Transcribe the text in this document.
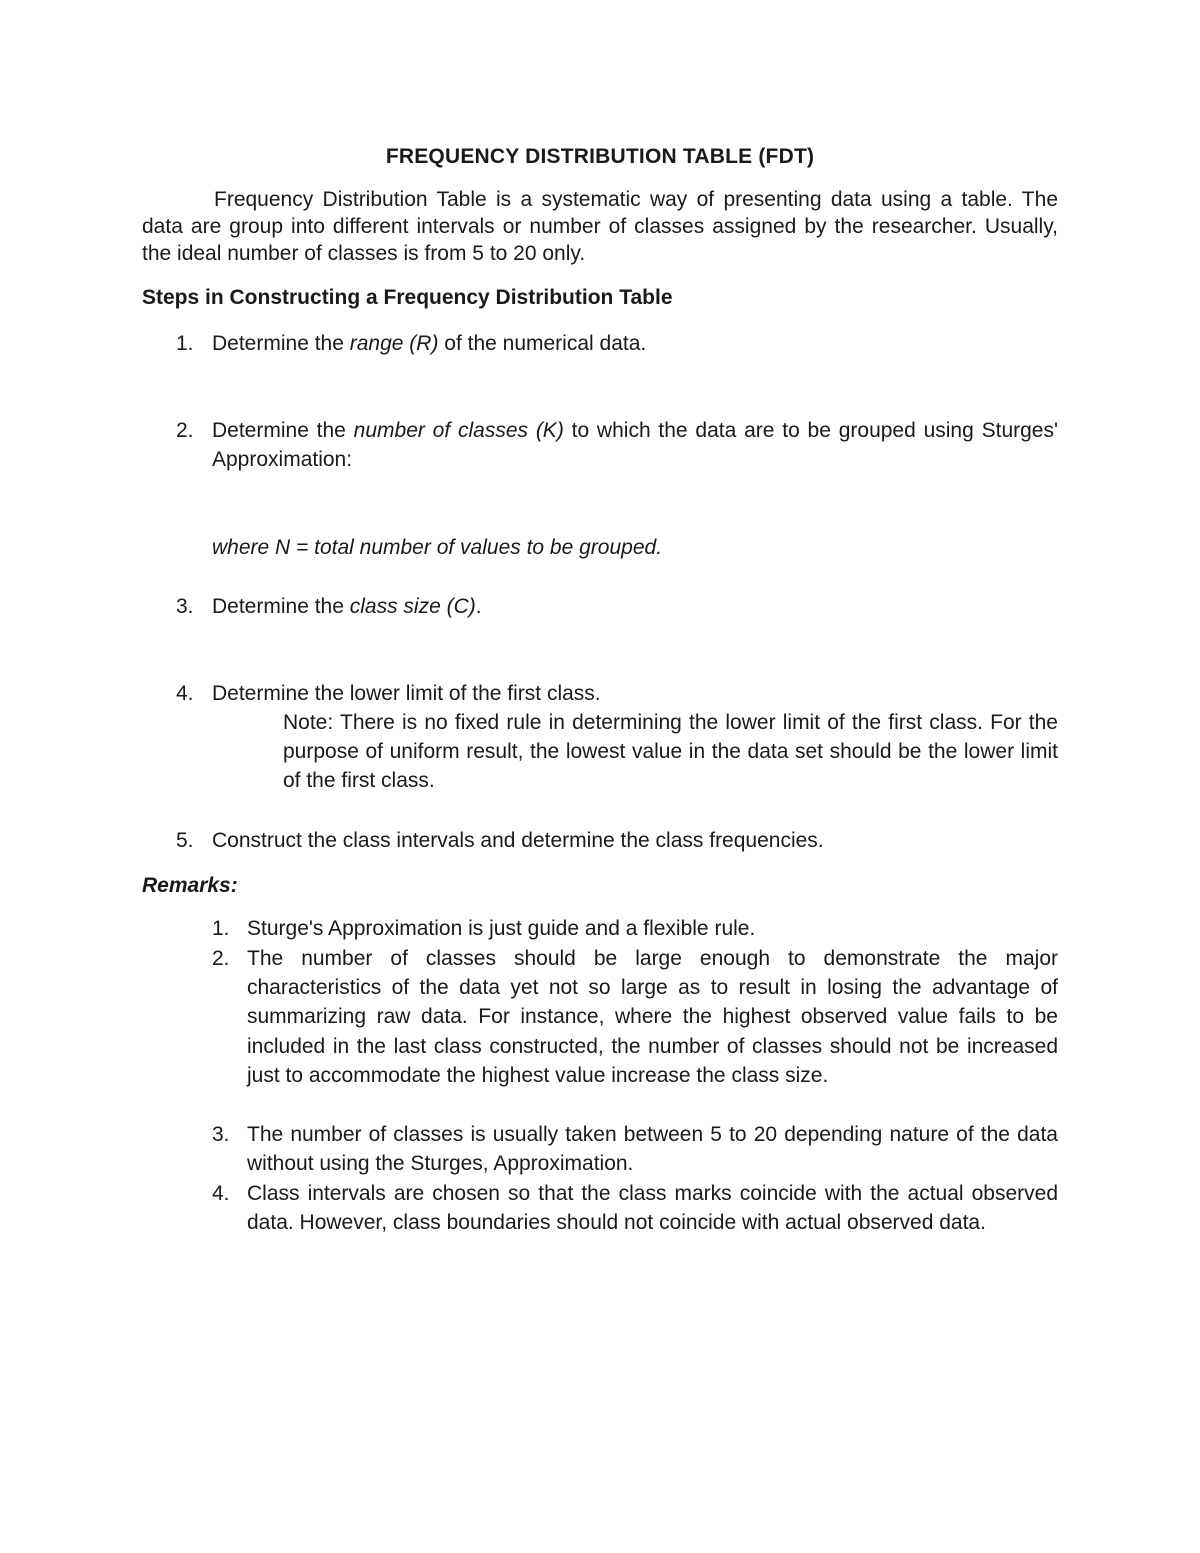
FREQUENCY DISTRIBUTION TABLE (FDT)

Frequency Distribution Table is a systematic way of presenting data using a table. The data are group into different intervals or number of classes assigned by the researcher. Usually, the ideal number of classes is from 5 to 20 only.

Steps in Constructing a Frequency Distribution Table
1. Determine the range (R) of the numerical data.
2. Determine the number of classes (K) to which the data are to be grouped using Sturges' Approximation:
where N = total number of values to be grouped.
3. Determine the class size (C).
4. Determine the lower limit of the first class.
Note: There is no fixed rule in determining the lower limit of the first class. For the purpose of uniform result, the lowest value in the data set should be the lower limit of the first class.
5. Construct the class intervals and determine the class frequencies.
Remarks:
1. Sturge's Approximation is just guide and a flexible rule.
2. The number of classes should be large enough to demonstrate the major characteristics of the data yet not so large as to result in losing the advantage of summarizing raw data. For instance, where the highest observed value fails to be included in the last class constructed, the number of classes should not be increased just to accommodate the highest value increase the class size.
3. The number of classes is usually taken between 5 to 20 depending nature of the data without using the Sturges, Approximation.
4. Class intervals are chosen so that the class marks coincide with the actual observed data. However, class boundaries should not coincide with actual observed data.
